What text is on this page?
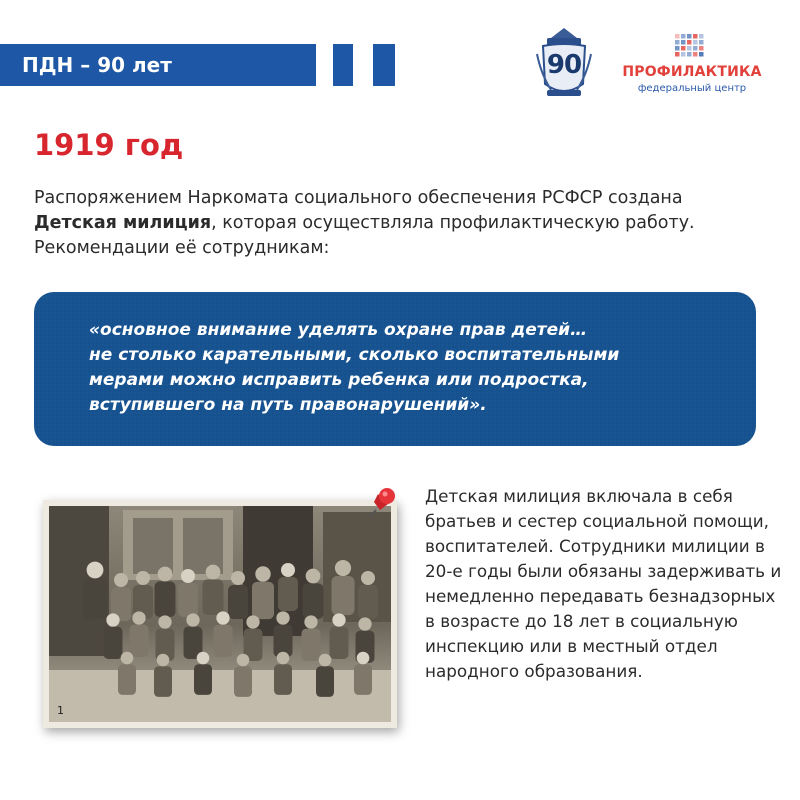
ПДН – 90 лет	90	ПРОФИЛАКТИКА
федеральный центр
1919 год
Распоряжением Наркомата социального обеспечения РСФСР создана Детская милиция, которая осуществляла профилактическую работу. Рекомендации её сотрудникам:
«основное внимание уделять охране прав детей…
не столько карательными, сколько воспитательными
мерами можно исправить ребенка или подростка,
вступившего на путь правонарушений».
1
Детская милиция включала в себя братьев и сестер социальной помощи, воспитателей. Сотрудники милиции в 20-е годы были обязаны задерживать и немедленно передавать безнадзорных в возрасте до 18 лет в социальную инспекцию или в местный отдел народного образования.
